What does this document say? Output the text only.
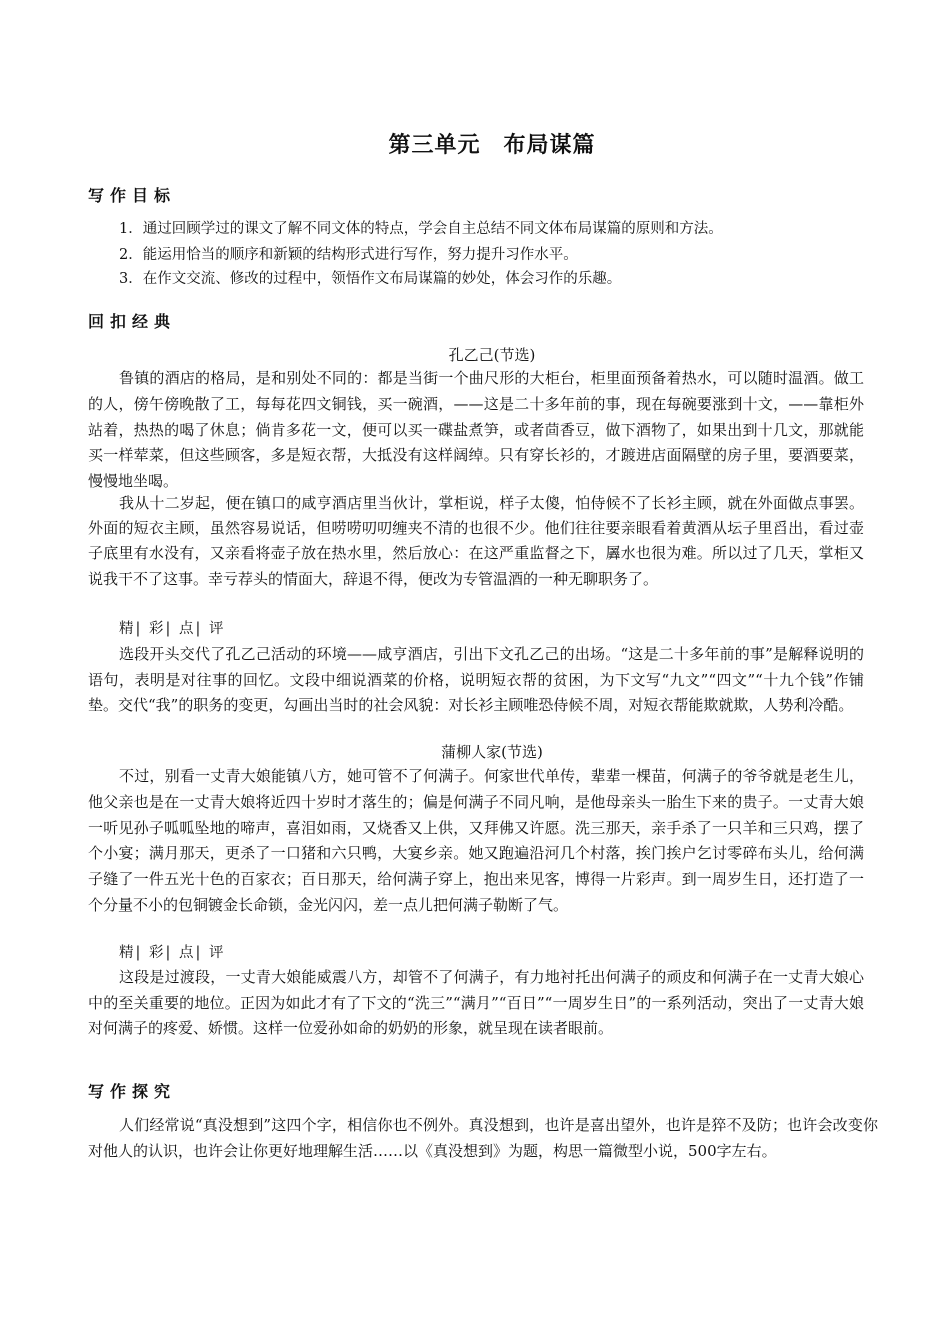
第三单元　布局谋篇
写作目标
1．通过回顾学过的课文了解不同文体的特点，学会自主总结不同文体布局谋篇的原则和方法。
2．能运用恰当的顺序和新颖的结构形式进行写作，努力提升习作水平。
3．在作文交流、修改的过程中，领悟作文布局谋篇的妙处，体会习作的乐趣。
回扣经典
孔乙己(节选)
鲁镇的酒店的格局，是和别处不同的：都是当街一个曲尺形的大柜台，柜里面预备着热水，可以随时温酒。做工的人，傍午傍晚散了工，每每花四文铜钱，买一碗酒，——这是二十多年前的事，现在每碗要涨到十文，——靠柜外站着，热热的喝了休息；倘肯多花一文，便可以买一碟盐煮笋，或者茴香豆，做下酒物了，如果出到十几文，那就能买一样荤菜，但这些顾客，多是短衣帮，大抵没有这样阔绰。只有穿长衫的，才踱进店面隔壁的房子里，要酒要菜，慢慢地坐喝。
我从十二岁起，便在镇口的咸亨酒店里当伙计，掌柜说，样子太傻，怕侍候不了长衫主顾，就在外面做点事罢。外面的短衣主顾，虽然容易说话，但唠唠叨叨缠夹不清的也很不少。他们往往要亲眼看着黄酒从坛子里舀出，看过壶子底里有水没有，又亲看将壶子放在热水里，然后放心：在这严重监督之下，羼水也很为难。所以过了几天，掌柜又说我干不了这事。幸亏荐头的情面大，辞退不得，便改为专管温酒的一种无聊职务了。
精| 彩| 点| 评
选段开头交代了孔乙己活动的环境——咸亨酒店，引出下文孔乙己的出场。“这是二十多年前的事”是解释说明的语句，表明是对往事的回忆。文段中细说酒菜的价格，说明短衣帮的贫困，为下文写“九文”“四文”“十九个钱”作铺垫。交代“我”的职务的变更，勾画出当时的社会风貌：对长衫主顾唯恐侍候不周，对短衣帮能欺就欺，人势利冷酷。
蒲柳人家(节选)
不过，别看一丈青大娘能镇八方，她可管不了何满子。何家世代单传，辈辈一棵苗，何满子的爷爷就是老生儿，他父亲也是在一丈青大娘将近四十岁时才落生的；偏是何满子不同凡响，是他母亲头一胎生下来的贵子。一丈青大娘一听见孙子呱呱坠地的啼声，喜泪如雨，又烧香又上供，又拜佛又许愿。洗三那天，亲手杀了一只羊和三只鸡，摆了个小宴；满月那天，更杀了一口猪和六只鸭，大宴乡亲。她又跑遍沿河几个村落，挨门挨户乞讨零碎布头儿，给何满子缝了一件五光十色的百家衣；百日那天，给何满子穿上，抱出来见客，博得一片彩声。到一周岁生日，还打造了一个分量不小的包铜镀金长命锁，金光闪闪，差一点儿把何满子勒断了气。
精| 彩| 点| 评
这段是过渡段，一丈青大娘能威震八方，却管不了何满子，有力地衬托出何满子的顽皮和何满子在一丈青大娘心中的至关重要的地位。正因为如此才有了下文的“洗三”“满月”“百日”“一周岁生日”的一系列活动，突出了一丈青大娘对何满子的疼爱、娇惯。这样一位爱孙如命的奶奶的形象，就呈现在读者眼前。
写作探究
人们经常说“真没想到”这四个字，相信你也不例外。真没想到，也许是喜出望外，也许是猝不及防；也许会改变你对他人的认识，也许会让你更好地理解生活……以《真没想到》为题，构思一篇微型小说，500字左右。
